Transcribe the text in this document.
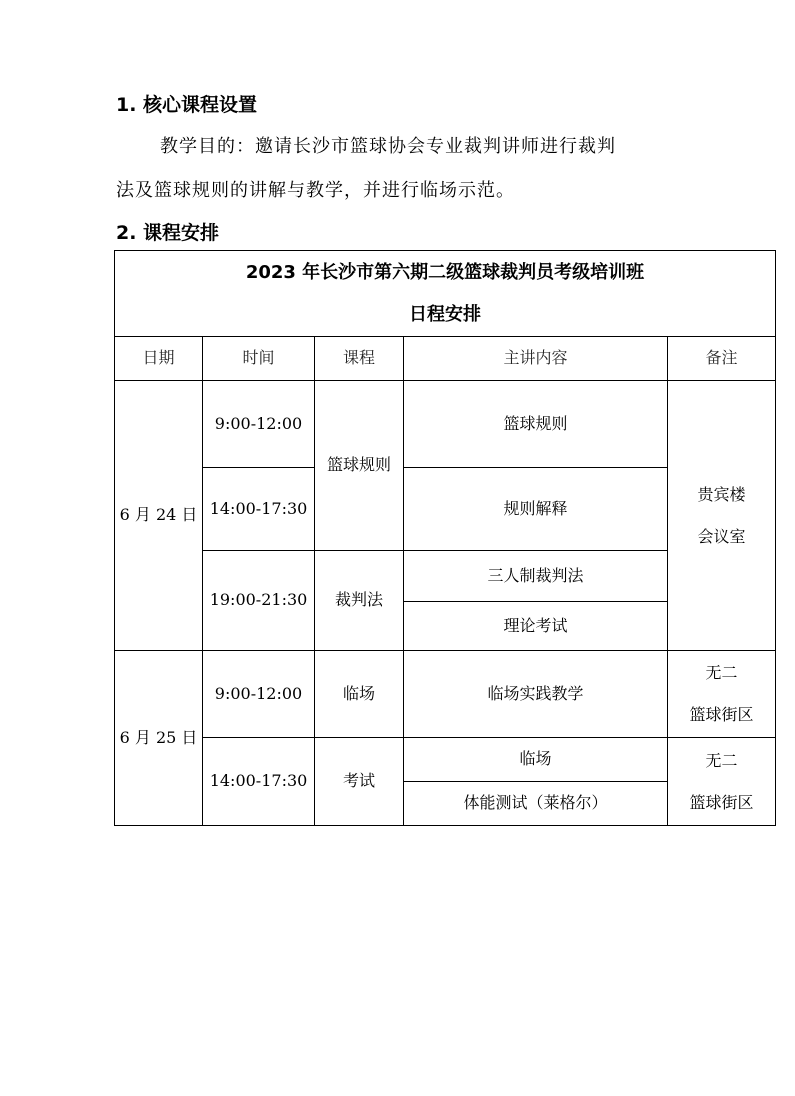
1. 核心课程设置
教学目的：邀请长沙市篮球协会专业裁判讲师进行裁判
法及篮球规则的讲解与教学，并进行临场示范。
2. 课程安排
2023 年长沙市第六期二级篮球裁判员考级培训班
日程安排				

日期	时间	课程	主讲内容	备注
6 月 24 日	9:00-12:00	篮球规则	篮球规则	贵宾楼
会议室

	14:00-17:30		规则解释	
	19:00-21:30	裁判法	三人制裁判法	
			理论考试	
6 月 25 日	9:00-12:00	临场	临场实践教学	无二
篮球街区

	14:00-17:30	考试	临场	无二
篮球街区

			体能测试（莱格尔）	
